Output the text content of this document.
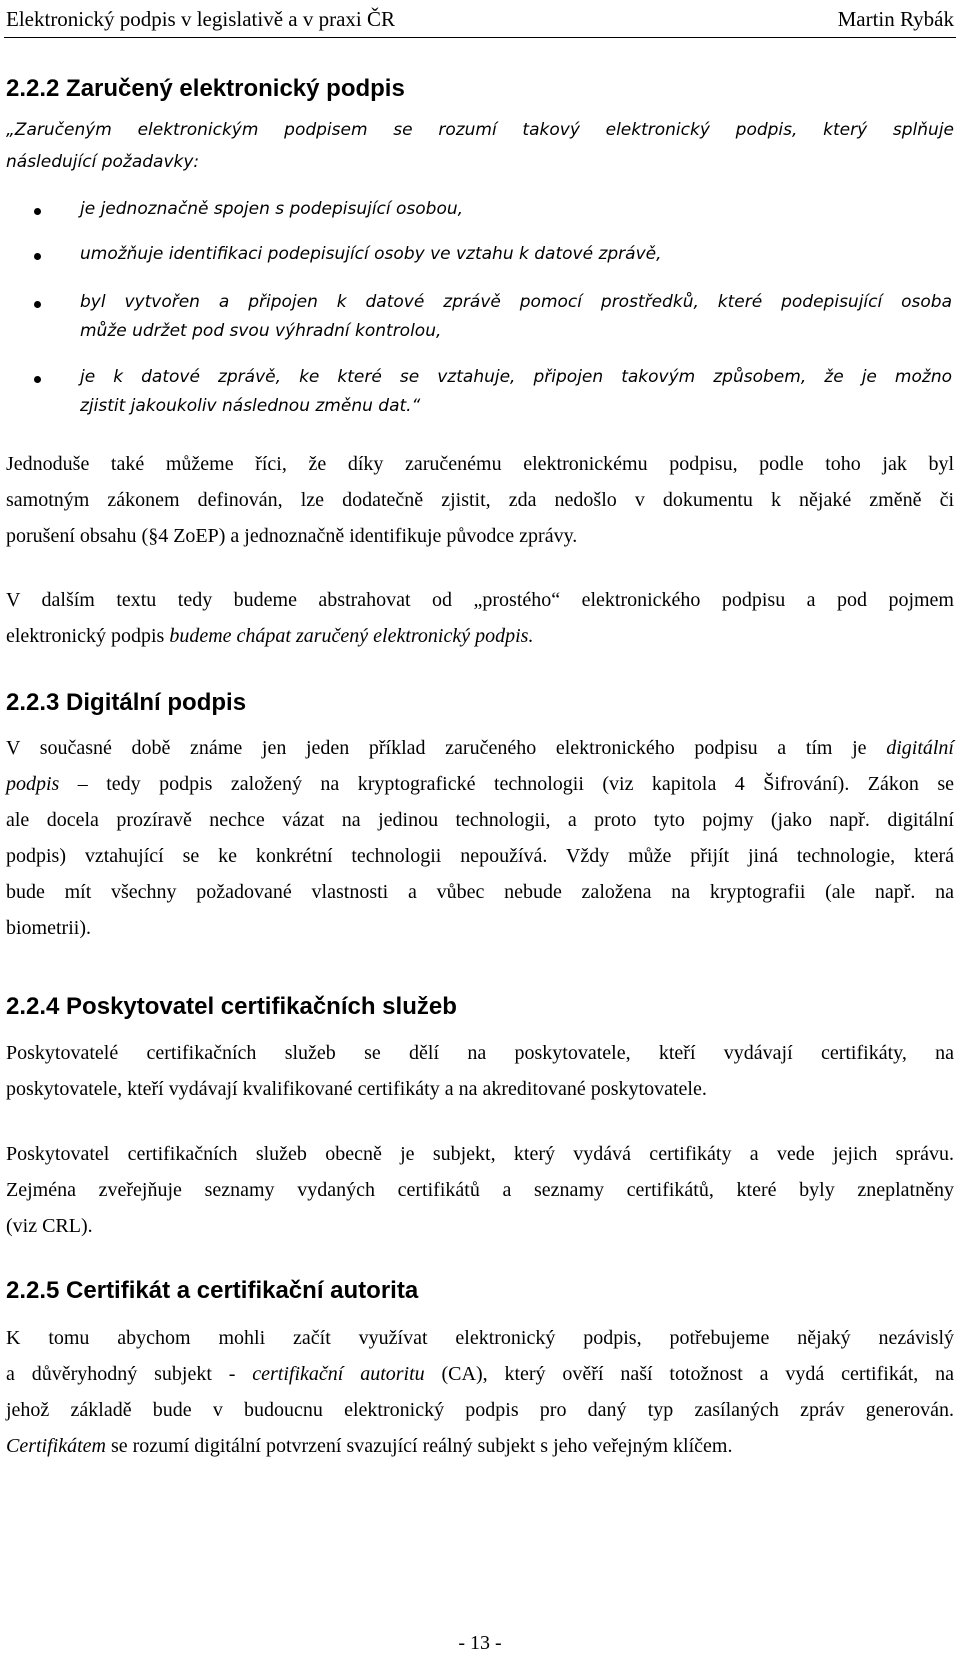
Elektronický podpis v legislativě a v praxi ČR	Martin Rybák
2.2.2 Zaručený elektronický podpis

„Zaručeným elektronickým podpisem se rozumí takový elektronický podpis, který splňuje
následující požadavky:

je jednoznačně spojen s podepisující osobou,

umožňuje identifikaci podepisující osoby ve vztahu k datové zprávě,

byl vytvořen a připojen k datové zprávě pomocí prostředků, které podepisující osoba
může udržet pod svou výhradní kontrolou,

je k datové zprávě, ke které se vztahuje, připojen takovým způsobem, že je možno
zjistit jakoukoliv následnou změnu dat.“

Jednoduše také můžeme říci, že díky zaručenému elektronickému podpisu, podle toho jak byl
samotným zákonem definován, lze dodatečně zjistit, zda nedošlo v dokumentu k nějaké změně či
porušení obsahu (§4 ZoEP) a jednoznačně identifikuje původce zprávy.

V dalším textu tedy budeme abstrahovat od „prostého“ elektronického podpisu a pod pojmem
elektronický podpis budeme chápat zaručený elektronický podpis.

2.2.3 Digitální podpis

V současné době známe jen jeden příklad zaručeného elektronického podpisu a tím je digitální
podpis – tedy podpis založený na kryptografické technologii (viz kapitola 4 Šifrování). Zákon se
ale docela prozíravě nechce vázat na jedinou technologii, a proto tyto pojmy (jako např. digitální
podpis) vztahující se ke konkrétní technologii nepoužívá. Vždy může přijít jiná technologie, která
bude mít všechny požadované vlastnosti a vůbec nebude založena na kryptografii (ale např. na
biometrii).

2.2.4 Poskytovatel certifikačních služeb

Poskytovatelé certifikačních služeb se dělí na poskytovatele, kteří vydávají certifikáty, na
poskytovatele, kteří vydávají kvalifikované certifikáty a na akreditované poskytovatele.

Poskytovatel certifikačních služeb obecně je subjekt, který vydává certifikáty a vede jejich správu.
Zejména zveřejňuje seznamy vydaných certifikátů a seznamy certifikátů, které byly zneplatněny
(viz CRL).

2.2.5 Certifikát a certifikační autorita

K tomu abychom mohli začít využívat elektronický podpis, potřebujeme nějaký nezávislý
a důvěryhodný subjekt - certifikační autoritu (CA), který ověří naší totožnost a vydá certifikát, na
jehož základě bude v budoucnu elektronický podpis pro daný typ zasílaných zpráv generován.
Certifikátem se rozumí digitální potvrzení svazující reálný subjekt s jeho veřejným klíčem.

- 13 -
